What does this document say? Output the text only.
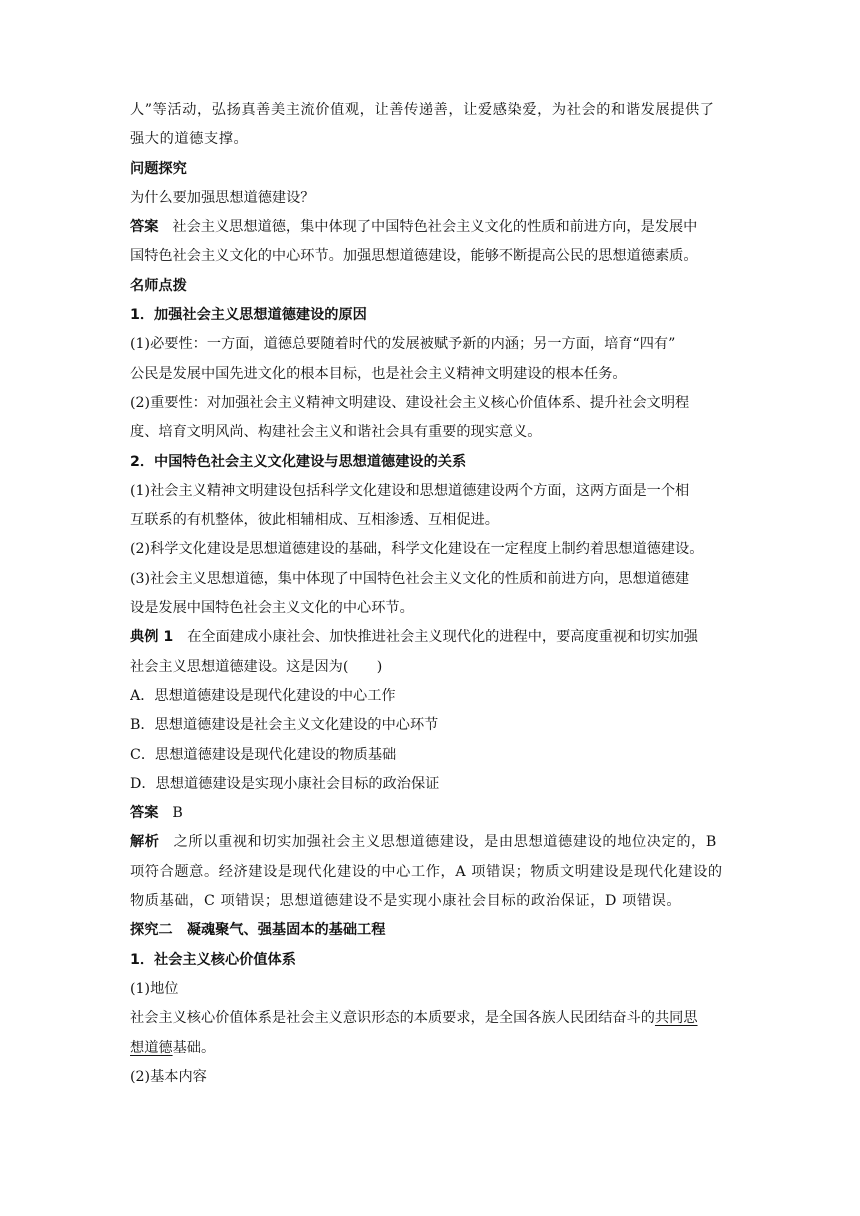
人”等活动，弘扬真善美主流价值观，让善传递善，让爱感染爱，为社会的和谐发展提供了
强大的道德支撑。
问题探究
为什么要加强思想道德建设？
答案 社会主义思想道德，集中体现了中国特色社会主义文化的性质和前进方向，是发展中
国特色社会主义文化的中心环节。加强思想道德建设，能够不断提高公民的思想道德素质。
名师点拨
1．加强社会主义思想道德建设的原因
(1)必要性：一方面，道德总要随着时代的发展被赋予新的内涵；另一方面，培育“四有”
公民是发展中国先进文化的根本目标，也是社会主义精神文明建设的根本任务。
(2)重要性：对加强社会主义精神文明建设、建设社会主义核心价值体系、提升社会文明程
度、培育文明风尚、构建社会主义和谐社会具有重要的现实意义。
2．中国特色社会主义文化建设与思想道德建设的关系
(1)社会主义精神文明建设包括科学文化建设和思想道德建设两个方面，这两方面是一个相
互联系的有机整体，彼此相辅相成、互相渗透、互相促进。
(2)科学文化建设是思想道德建设的基础，科学文化建设在一定程度上制约着思想道德建设。
(3)社会主义思想道德，集中体现了中国特色社会主义文化的性质和前进方向，思想道德建
设是发展中国特色社会主义文化的中心环节。
典例 1 在全面建成小康社会、加快推进社会主义现代化的进程中，要高度重视和切实加强
社会主义思想道德建设。这是因为(　　)
A．思想道德建设是现代化建设的中心工作
B．思想道德建设是社会主义文化建设的中心环节
C．思想道德建设是现代化建设的物质基础
D．思想道德建设是实现小康社会目标的政治保证
答案 B
解析 之所以重视和切实加强社会主义思想道德建设，是由思想道德建设的地位决定的，B
项符合题意。经济建设是现代化建设的中心工作，A 项错误；物质文明建设是现代化建设的
物质基础，C 项错误；思想道德建设不是实现小康社会目标的政治保证，D 项错误。
探究二　凝魂聚气、强基固本的基础工程
1．社会主义核心价值体系
(1)地位
社会主义核心价值体系是社会主义意识形态的本质要求，是全国各族人民团结奋斗的共同思
想道德基础。
(2)基本内容
